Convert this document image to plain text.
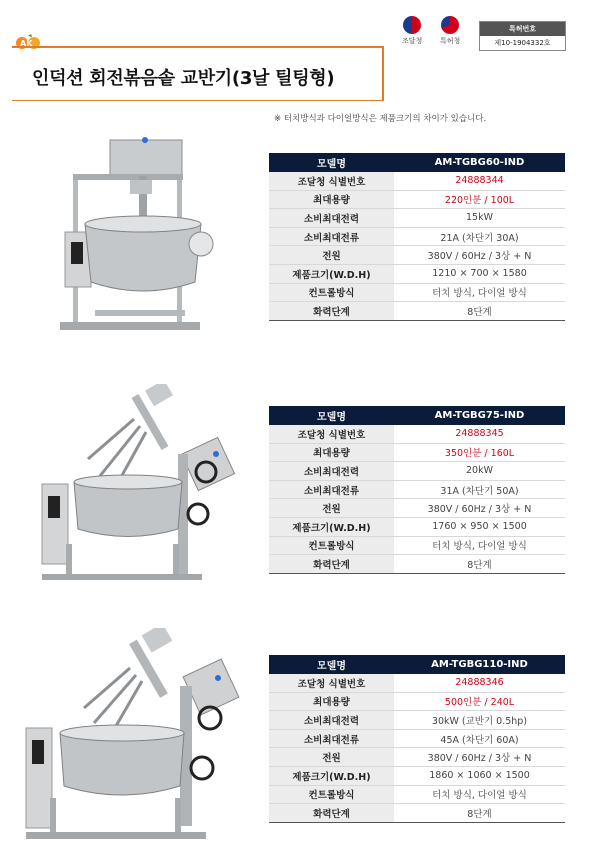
AK
인덕션 회전볶음솥 교반기(3날 틸팅형)
조달청	특허청
특허번호
제10-1904332호
※ 터치방식과 다이얼방식은 제품크기의 차이가 있습니다.
모델명	AM-TGBG60-IND
조달청 식별번호	24888344
최대용량	220인분 / 100L
소비최대전력	15kW
소비최대전류	21A (차단기 30A)
전원	380V / 60Hz / 3상 + N
제품크기(W.D.H)	1210 × 700 × 1580
컨트롤방식	터치 방식, 다이얼 방식
화력단계	8단계
모델명	AM-TGBG75-IND
조달청 식별번호	24888345
최대용량	350인분 / 160L
소비최대전력	20kW
소비최대전류	31A (차단기 50A)
전원	380V / 60Hz / 3상 + N
제품크기(W.D.H)	1760 × 950 × 1500
컨트롤방식	터치 방식, 다이얼 방식
화력단계	8단계
모델명	AM-TGBG110-IND
조달청 식별번호	24888346
최대용량	500인분 / 240L
소비최대전력	30kW (교반기 0.5hp)
소비최대전류	45A (차단기 60A)
전원	380V / 60Hz / 3상 + N
제품크기(W.D.H)	1860 × 1060 × 1500
컨트롤방식	터치 방식, 다이얼 방식
화력단계	8단계
